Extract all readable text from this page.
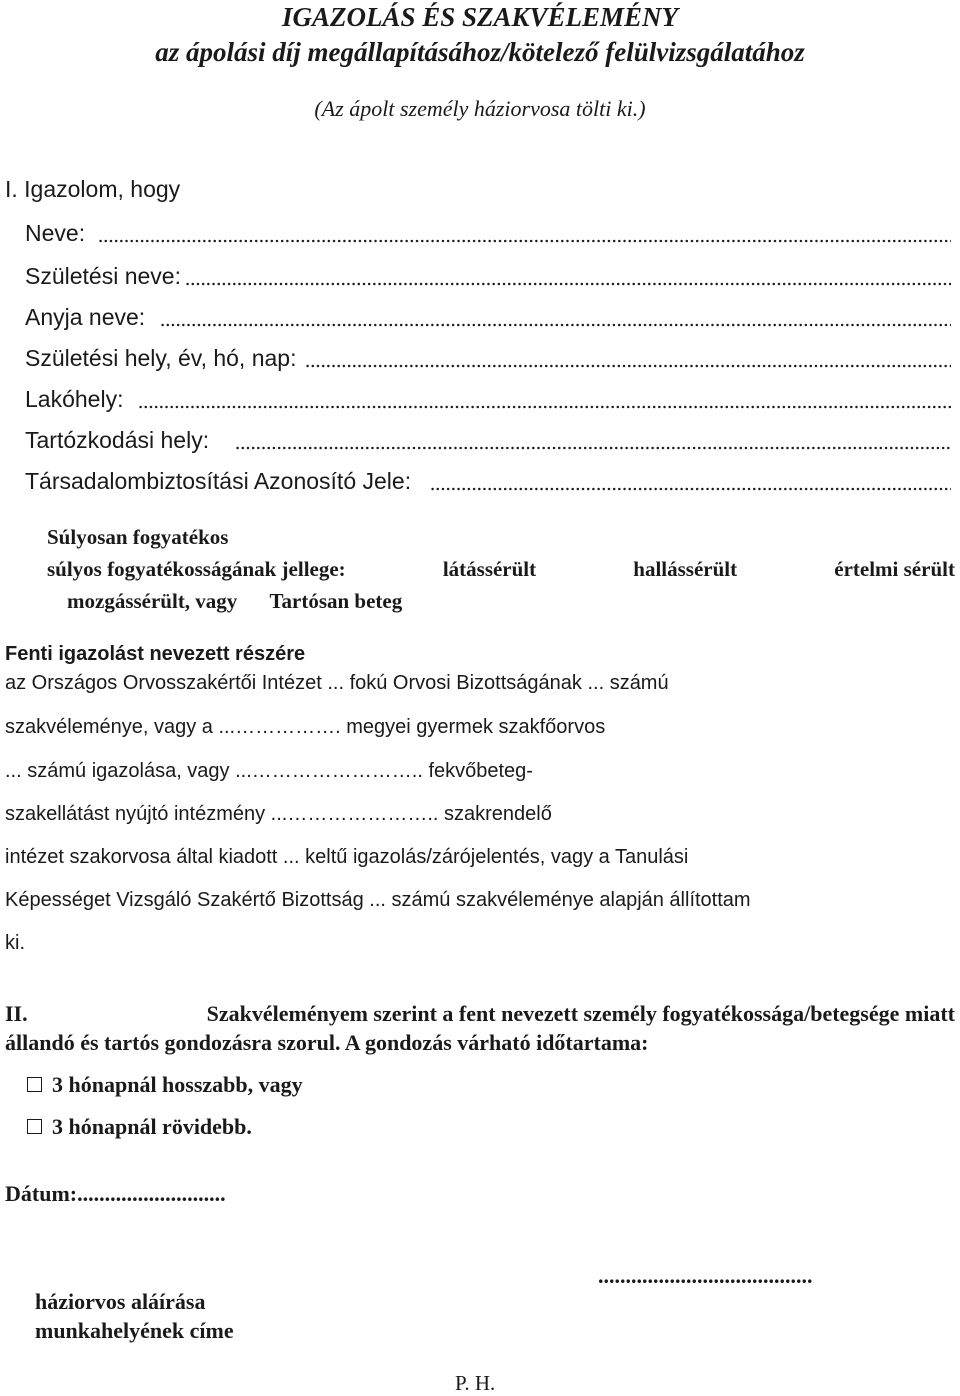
IGAZOLÁS ÉS SZAKVÉLEMÉNY
az ápolási díj megállapításához/kötelező felülvizsgálatához
(Az ápolt személy háziorvosa tölti ki.)
I. Igazolom, hogy
Neve:
Születési neve:
Anyja neve:
Születési hely, év, hó, nap:
Lakóhely:
Tartózkodási hely:
Társadalombiztosítási Azonosító Jele:
Súlyosan fogyatékos
súlyos fogyatékosságának jellege:	látássérült	hallássérült	értelmi sérült
mozgássérült, vagy Tartósan beteg
Fenti igazolást nevezett részére
az Országos Orvosszakértői Intézet ... fokú Orvosi Bizottságának ... számú
szakvéleménye, vagy a ...……………. megyei gyermek szakfőorvos
... számú igazolása, vagy ...…………………….. fekvőbeteg-
szakellátást nyújtó intézmény ...………………….. szakrendelő
intézet szakorvosa által kiadott ... keltű igazolás/zárójelentés, vagy a Tanulási
Képességet Vizsgáló Szakértő Bizottság ... számú szakvéleménye alapján állítottam
ki.
II.	Szakvéleményem szerint a fent nevezett személy fogyatékossága/betegsége miatt
állandó és tartós gondozásra szorul. A gondozás várható időtartama:
3 hónapnál hosszabb, vagy
3 hónapnál rövidebb.
Dátum:...........................
.......................................
háziorvos aláírása
munkahelyének címe
P. H.
